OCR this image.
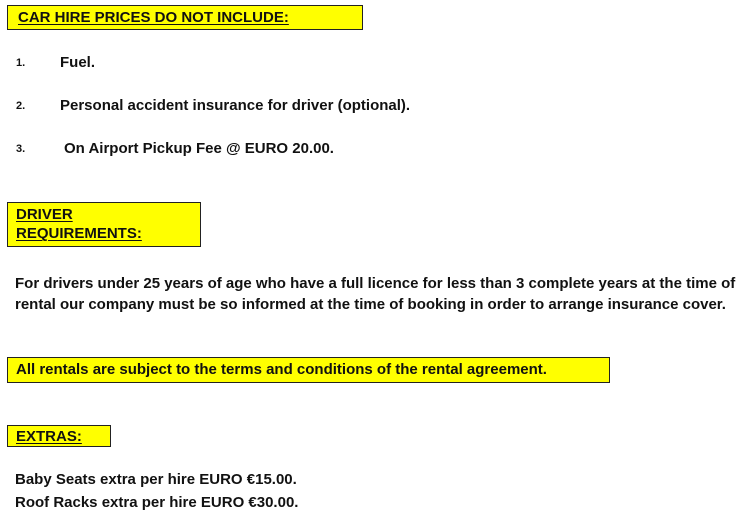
CAR HIRE PRICES DO NOT INCLUDE:
1. Fuel.
2. Personal accident insurance for driver (optional).
3.	On Airport Pickup Fee @ EURO 20.00.
DRIVER
REQUIREMENTS:

For drivers under 25 years of age who have a full licence for less than 3 complete years at the time of rental our company must be so informed at the time of booking in order to arrange insurance cover.

All rentals are subject to the terms and conditions of the rental agreement.
EXTRAS:
Baby Seats extra per hire EURO €15.00.
Roof Racks extra per hire EURO €30.00.
